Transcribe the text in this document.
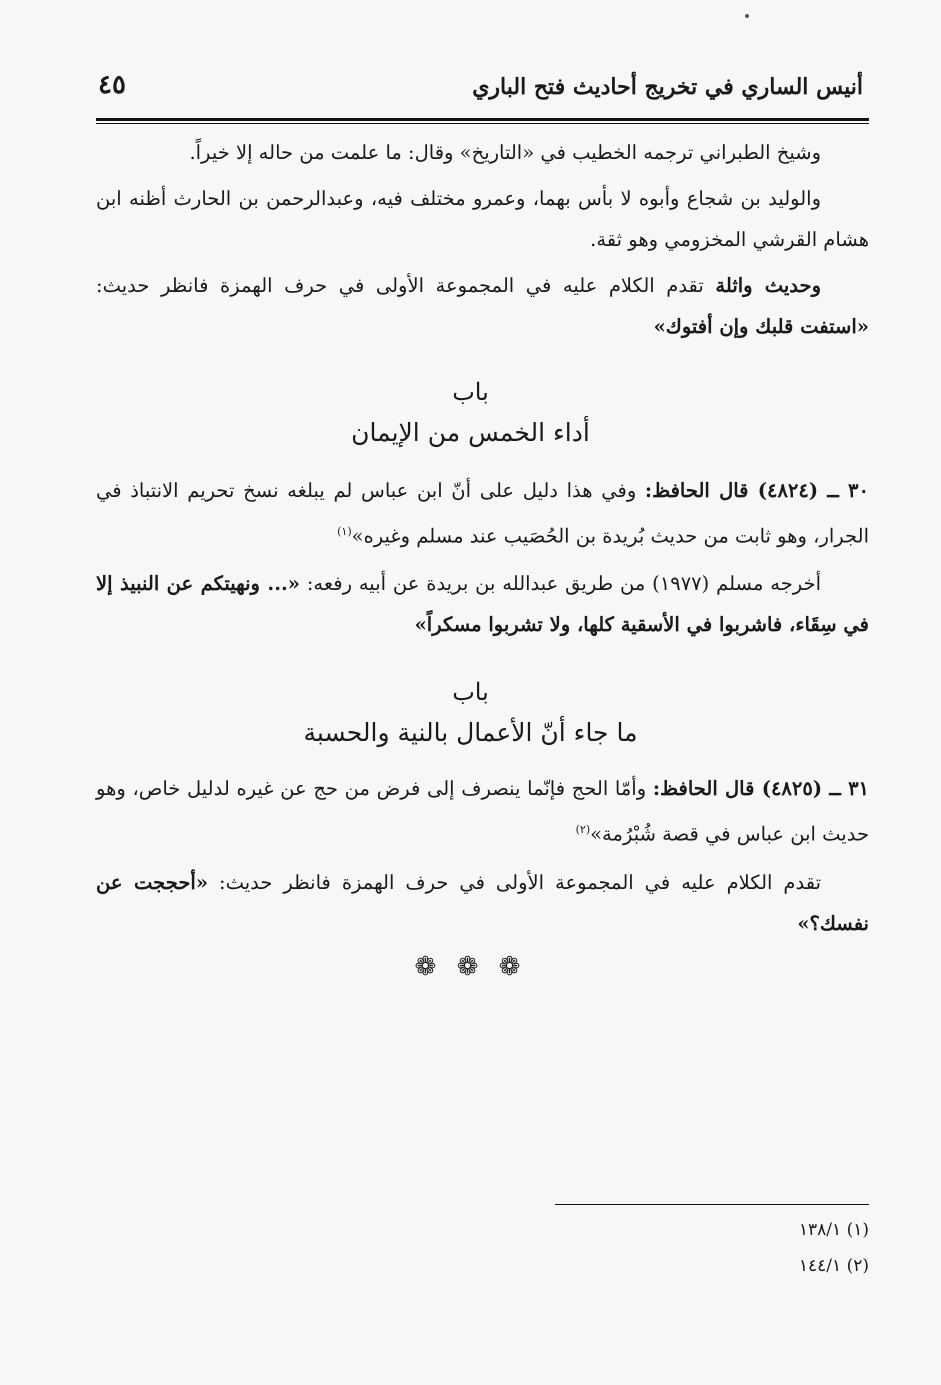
أنيس الساري في تخريج أحاديث فتح الباري
٤٥
وشيخ الطبراني ترجمه الخطيب في «التاريخ» وقال: ما علمت من حاله إلا خيراً.
والوليد بن شجاع وأبوه لا بأس بهما، وعمرو مختلف فيه، وعبدالرحمن بن الحارث أظنه ابن هشام القرشي المخزومي وهو ثقة.
وحديث واثلة تقدم الكلام عليه في المجموعة الأولى في حرف الهمزة فانظر حديث: «استفت قلبك وإن أفتوك»
باب
أداء الخمس من الإيمان
٣٠ ــ (٤٨٢٤) قال الحافظ: وفي هذا دليل على أنّ ابن عباس لم يبلغه نسخ تحريم الانتباذ في الجرار، وهو ثابت من حديث بُريدة بن الحُصَيب عند مسلم وغيره»$^{(١)}$
أخرجه مسلم (١٩٧٧) من طريق عبدالله بن بريدة عن أبيه رفعه: «... ونهيتكم عن النبيذ إلا في سِقَاء، فاشربوا في الأسقية كلها، ولا تشربوا مسكراً»
باب
ما جاء أنّ الأعمال بالنية والحسبة
٣١ ــ (٤٨٢٥) قال الحافظ: وأمّا الحج فإنّما ينصرف إلى فرض من حج عن غيره لدليل خاص، وهو حديث ابن عباس في قصة شُبْرُمة»$^{(٢)}$
تقدم الكلام عليه في المجموعة الأولى في حرف الهمزة فانظر حديث: «أحججت عن نفسك؟»
❁ ❁ ❁
(١) ١٣٨/١
(٢) ١٤٤/١
